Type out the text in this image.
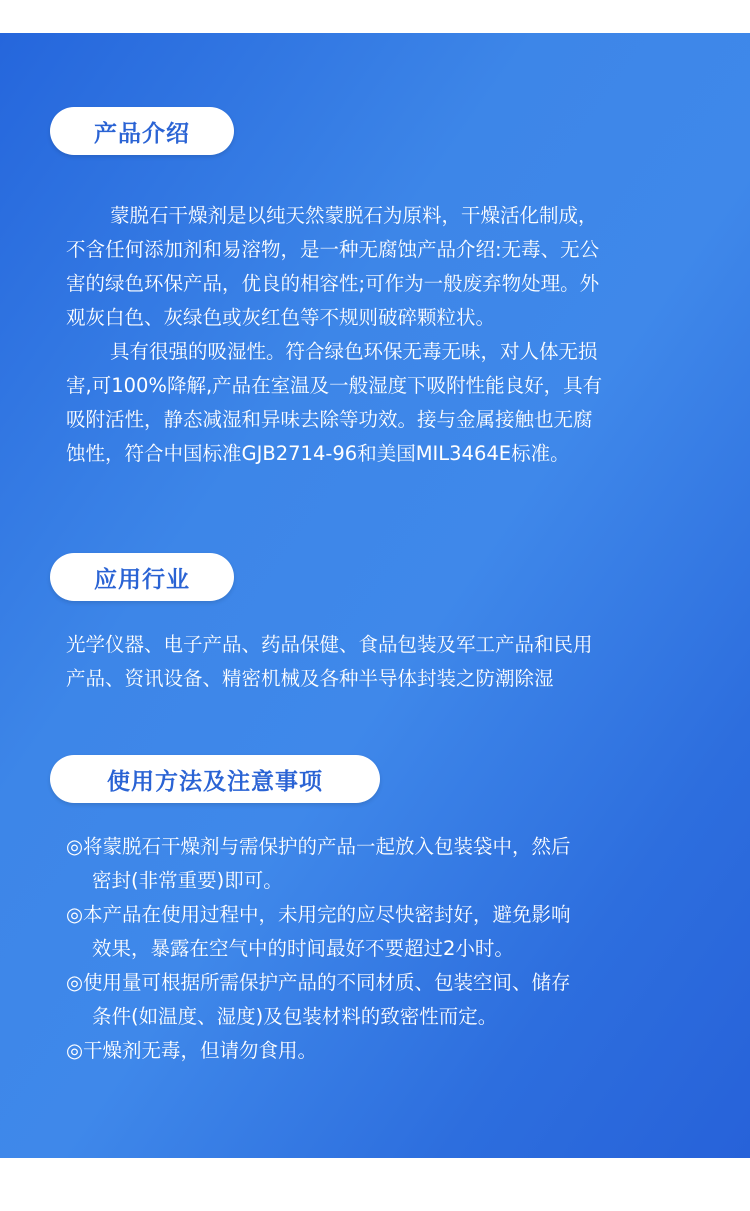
产品介绍
蒙脱石干燥剂是以纯天然蒙脱石为原料，干燥活化制成，
不含任何添加剂和易溶物，是一种无腐蚀产品介绍:无毒、无公
害的绿色环保产品，优良的相容性;可作为一般废弃物处理。外
观灰白色、灰绿色或灰红色等不规则破碎颗粒状。
具有很强的吸湿性。符合绿色环保无毒无味，对人体无损
害,可100%降解,产品在室温及一般湿度下吸附性能良好，具有
吸附活性，静态减湿和异味去除等功效。接与金属接触也无腐
蚀性，符合中国标准GJB2714-96和美国MIL3464E标准。
应用行业
光学仪器、电子产品、药品保健、食品包装及军工产品和民用
产品、资讯设备、精密机械及各种半导体封装之防潮除湿
使用方法及注意事项
◎将蒙脱石干燥剂与需保护的产品一起放入包装袋中，然后
密封(非常重要)即可。
◎本产品在使用过程中，未用完的应尽快密封好，避免影响
效果，暴露在空气中的时间最好不要超过2小时。
◎使用量可根据所需保护产品的不同材质、包装空间、储存
条件(如温度、湿度)及包装材料的致密性而定。
◎干燥剂无毒，但请勿食用。
